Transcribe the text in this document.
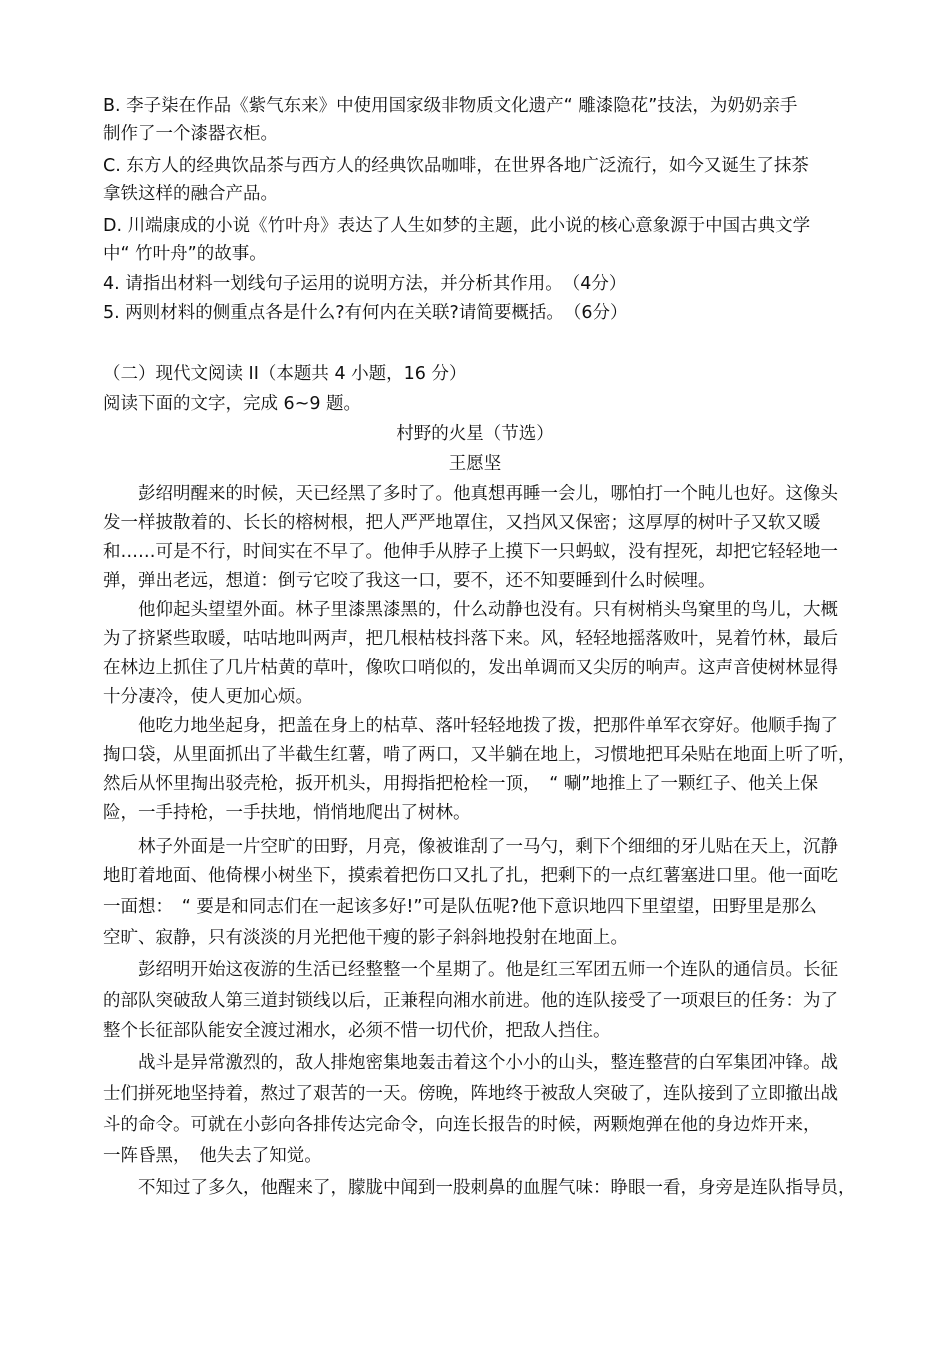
B. 李子柒在作品《紫气东来》中使用国家级非物质文化遗产“ 雕漆隐花”技法，为奶奶亲手
制作了一个漆器衣柜。
C. 东方人的经典饮品茶与西方人的经典饮品咖啡，在世界各地广泛流行，如今又诞生了抹茶
拿铁这样的融合产品。
D. 川端康成的小说《竹叶舟》表达了人生如梦的主题，此小说的核心意象源于中国古典文学
中“ 竹叶舟”的故事。
4. 请指出材料一划线句子运用的说明方法，并分析其作用。　（4分）
5. 两则材料的侧重点各是什么?有何内在关联?请简要概括。　（6分）
（二）现代文阅读 II（本题共 4 小题，16 分）
阅读下面的文字，完成 6~9 题。
村野的火星（节选）
王愿坚
　　彭绍明醒来的时候，天已经黑了多时了。他真想再睡一会儿，哪怕打一个盹儿也好。这像头
发一样披散着的、长长的榕树根，把人严严地罩住，又挡风又保密；这厚厚的树叶子又软又暖
和……可是不行，时间实在不早了。他伸手从脖子上摸下一只蚂蚁，没有捏死，却把它轻轻地一
弹，弹出老远，想道：倒亏它咬了我这一口，要不，还不知要睡到什么时候哩。
　　他仰起头望望外面。林子里漆黑漆黑的，什么动静也没有。只有树梢头鸟窠里的鸟儿，大概
为了挤紧些取暖，咕咕地叫两声，把几根枯枝抖落下来。风，轻轻地摇落败叶，晃着竹林，最后
在林边上抓住了几片枯黄的草叶，像吹口哨似的，发出单调而又尖厉的响声。这声音使树林显得
十分凄冷，使人更加心烦。
　　他吃力地坐起身，把盖在身上的枯草、落叶轻轻地拨了拨，把那件单军衣穿好。他顺手掏了
掏口袋，从里面抓出了半截生红薯，啃了两口，又半躺在地上，习惯地把耳朵贴在地面上听了听，
然后从怀里掏出驳壳枪，扳开机头，用拇指把枪栓一顶，　“ 唰”地推上了一颗红子、他关上保
险，一手持枪，一手扶地，悄悄地爬出了树林。
　　林子外面是一片空旷的田野，月亮，像被谁刮了一马勺，剩下个细细的牙儿贴在天上，沉静
地盯着地面、他倚棵小树坐下，摸索着把伤口又扎了扎，把剩下的一点红薯塞进口里。他一面吃
一面想：　“ 要是和同志们在一起该多好!”可是队伍呢?他下意识地四下里望望，田野里是那么
空旷、寂静，只有淡淡的月光把他干瘦的影子斜斜地投射在地面上。
　　彭绍明开始这夜游的生活已经整整一个星期了。他是红三军团五师一个连队的通信员。长征
的部队突破敌人第三道封锁线以后，正兼程向湘水前进。他的连队接受了一项艰巨的任务：为了
整个长征部队能安全渡过湘水，必须不惜一切代价，把敌人挡住。
　　战斗是异常激烈的，敌人排炮密集地轰击着这个小小的山头，整连整营的白军集团冲锋。战
士们拼死地坚持着，熬过了艰苦的一天。傍晚，阵地终于被敌人突破了，连队接到了立即撤出战
斗的命令。可就在小彭向各排传达完命令，向连长报告的时候，两颗炮弹在他的身边炸开来，
一阵昏黑，　他失去了知觉。
　　不知过了多久，他醒来了，朦胧中闻到一股刺鼻的血腥气味：睁眼一看，身旁是连队指导员，
